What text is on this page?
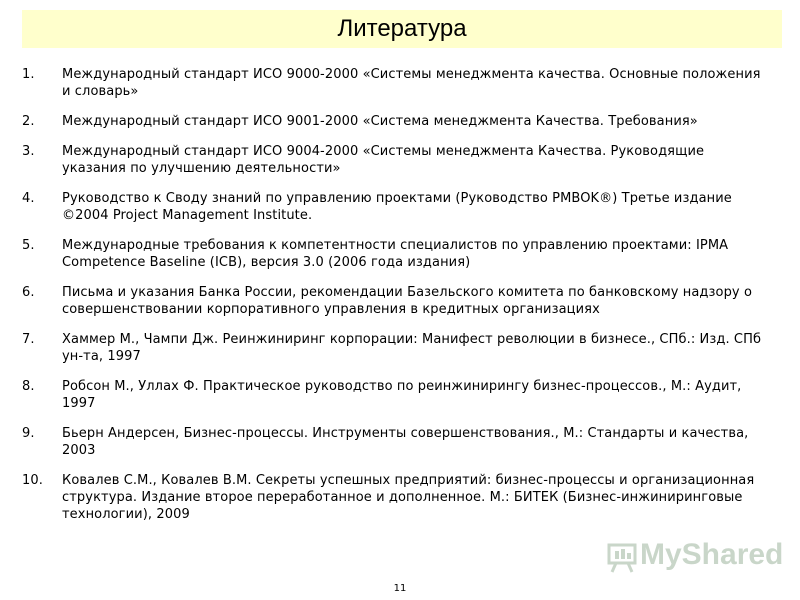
Литература
1. Международный стандарт ИСО 9000-2000 «Системы менеджмента качества. Основные положения и словарь»
2. Международный стандарт ИСО 9001-2000 «Система менеджмента Качества. Требования»
3. Международный стандарт ИСО 9004-2000 «Системы менеджмента Качества. Руководящие указания по улучшению деятельности»
4. Руководство к Своду знаний по управлению проектами (Руководство PMBOK®) Третье издание ©2004 Project Management Institute.
5. Международные требования к компетентности специалистов по управлению проектами: IPMA Competence Baseline (ICB), версия 3.0 (2006 года издания)
6. Письма и указания Банка России, рекомендации Базельского комитета по банковскому надзору о совершенствовании корпоративного управления в кредитных организациях
7. Хаммер М., Чампи Дж. Реинжиниринг корпорации: Манифест революции в бизнесе., СПб.: Изд. СПб ун-та, 1997
8. Робсон М., Уллах Ф. Практическое руководство по реинжинирингу бизнес-процессов., М.: Аудит, 1997
9. Бьерн Андерсен, Бизнес-процессы. Инструменты совершенствования., М.: Стандарты и качества, 2003
10. Ковалев С.М., Ковалев В.М. Секреты успешных предприятий: бизнес-процессы и организационная структура. Издание второе переработанное и дополненное. М.: БИТЕК (Бизнес-инжиниринговые технологии), 2009
MyShared
11
